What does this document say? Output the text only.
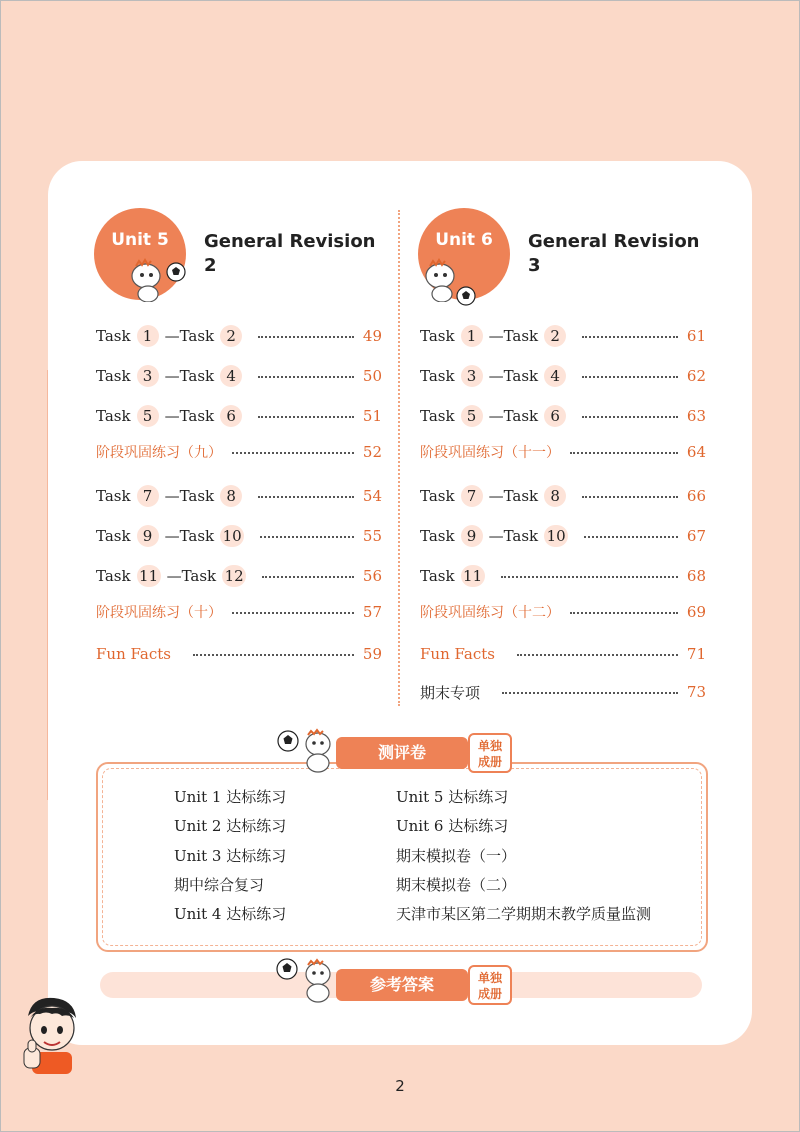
Unit 5	General Revision
2
Unit 6	General Revision
3
Task 1 —Task 2	49
Task 3 —Task 4	50
Task 5 —Task 6	51
阶段巩固练习（九）	52
Task 7 —Task 8	54
Task 9 —Task 10	55
Task 11 —Task 12	56
阶段巩固练习（十）	57
Fun Facts	59
Task 1 —Task 2	61
Task 3 —Task 4	62
Task 5 —Task 6	63
阶段巩固练习（十一）	64
Task 7 —Task 8	66
Task 9 —Task 10	67
Task 11	68
阶段巩固练习（十二）	69
Fun Facts	71
期末专项	73
测评卷	单独
成册
Unit 1 达标练习
Unit 2 达标练习
Unit 3 达标练习
期中综合复习
Unit 4 达标练习
Unit 5 达标练习
Unit 6 达标练习
期末模拟卷（一）
期末模拟卷（二）
天津市某区第二学期期末教学质量监测
参考答案	单独
成册
2
